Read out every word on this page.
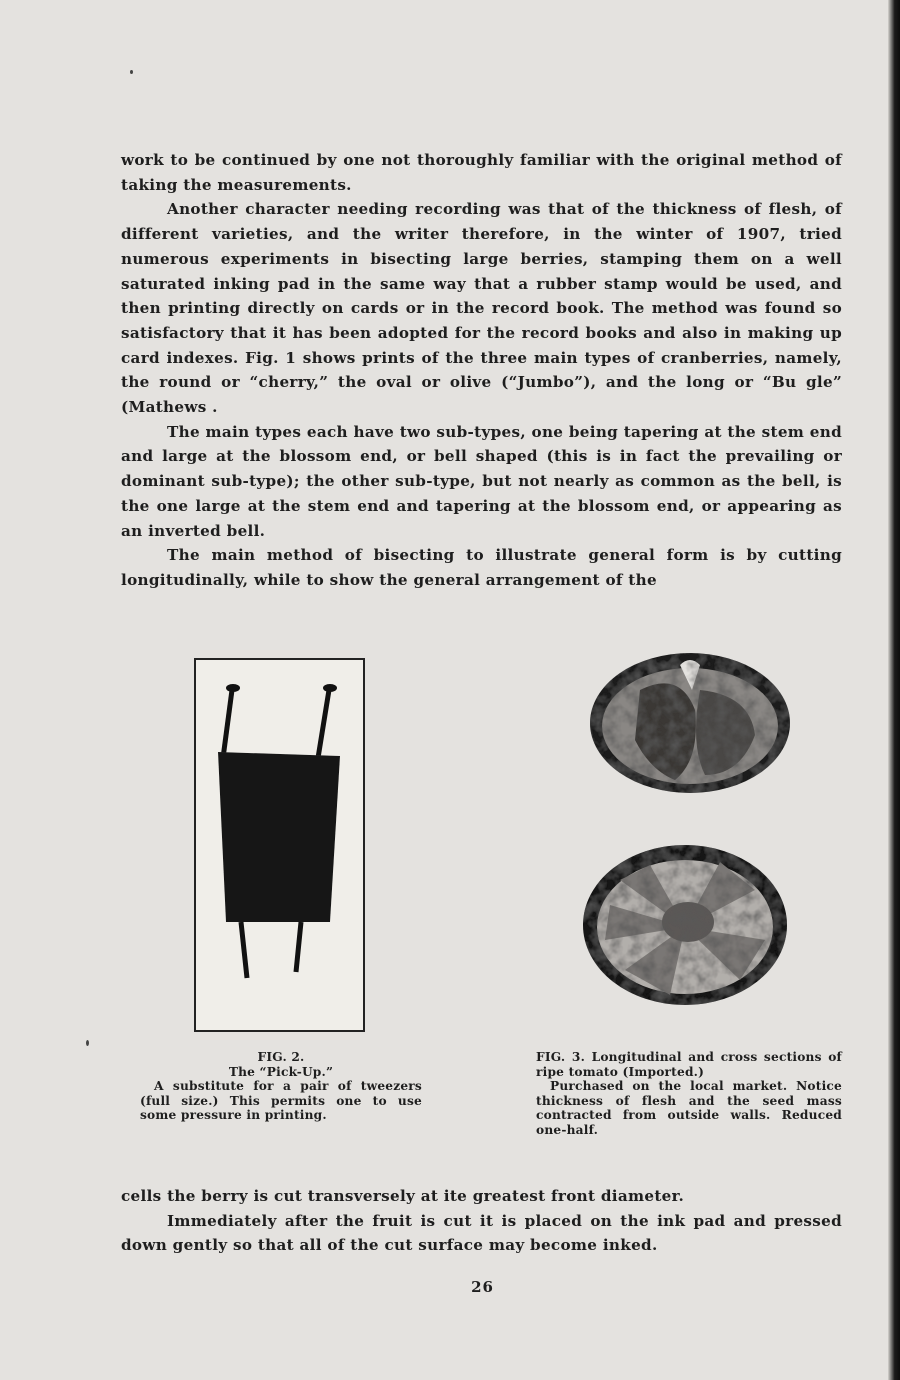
work to be continued by one not thoroughly familiar with the original method of taking the measurements.

Another character needing recording was that of the thickness of flesh, of different varieties, and the writer therefore, in the winter of 1907, tried numerous experiments in bisecting large berries, stamping them on a well saturated inking pad in the same way that a rubber stamp would be used, and then printing directly on cards or in the record book. The method was found so satisfactory that it has been adopted for the record books and also in making up card indexes. Fig. 1 shows prints of the three main types of cranberries, namely, the round or “cherry,” the oval or olive (“Jumbo”), and the long or “Bu gle” (Mathews .

The main types each have two sub-types, one being tapering at the stem end and large at the blossom end, or bell shaped (this is in fact the prevailing or dominant sub-type); the other sub-type, but not nearly as common as the bell, is the one large at the stem end and tapering at the blossom end, or appearing as an inverted bell.

The main method of bisecting to illustrate general form is by cutting longitudinally, while to show the general arrangement of the

FIG. 2.
The “Pick-Up.”
A substitute for a pair of tweezers (full size.) This permits one to use some pressure in printing.
FIG. 3. Longitudinal and cross sections of ripe tomato (Imported.)
Purchased on the local market. Notice thickness of flesh and the seed mass contracted from outside walls. Reduced one-half.

cells the berry is cut transversely at ite greatest front diameter.

Immediately after the fruit is cut it is placed on the ink pad and pressed down gently so that all of the cut surface may become inked.

26
